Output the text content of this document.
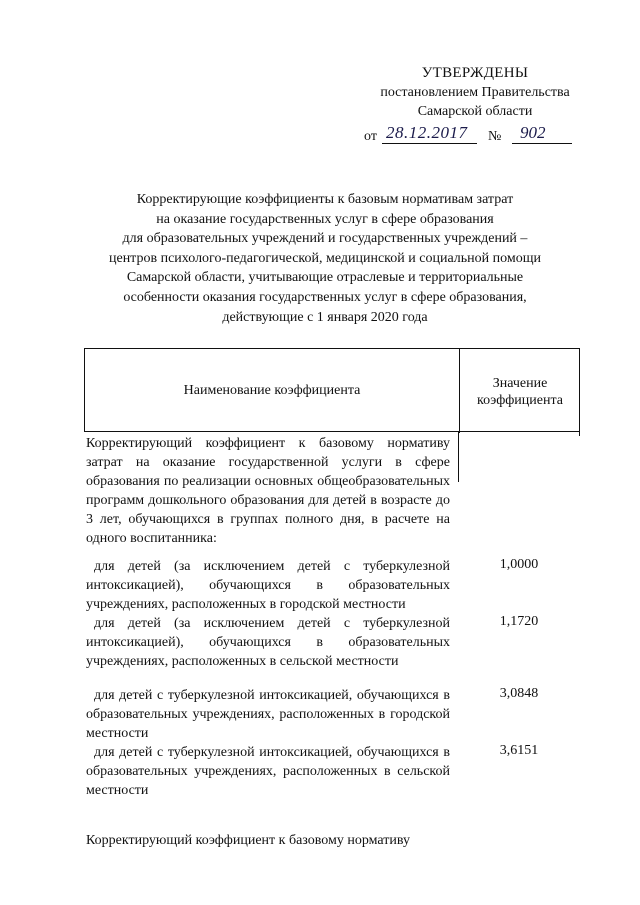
УТВЕРЖДЕНЫ
постановлением Правительства
Самарской области
от 28.12.2017 № 902
Корректирующие коэффициенты к базовым нормативам затрат
на оказание государственных услуг в сфере образования
для образовательных учреждений и государственных учреждений –
центров психолого-педагогической, медицинской и социальной помощи
Самарской области, учитывающие отраслевые и территориальные
особенности оказания государственных услуг в сфере образования,
действующие с 1 января 2020 года
Наименование коэффициента	Значение
коэффициента
Корректирующий коэффициент к базовому нормативу затрат на оказание государственной услуги в сфере образования по реализации основных общеобразовательных программ дошкольного образования для детей в возрасте до 3 лет, обучающихся в группах полного дня, в расчете на одного воспитанника:
для детей (за исключением детей с туберкулезной интоксикацией), обучающихся в образовательных учреждениях, расположенных в городской местности
1,0000
для детей (за исключением детей с туберкулезной интоксикацией), обучающихся в образовательных учреждениях, расположенных в сельской местности
1,1720
для детей с туберкулезной интоксикацией, обучающихся в образовательных учреждениях, расположенных в городской местности
3,0848
для детей с туберкулезной интоксикацией, обучающихся в образовательных учреждениях, расположенных в сельской местности
3,6151
Корректирующий коэффициент к базовому нормативу
